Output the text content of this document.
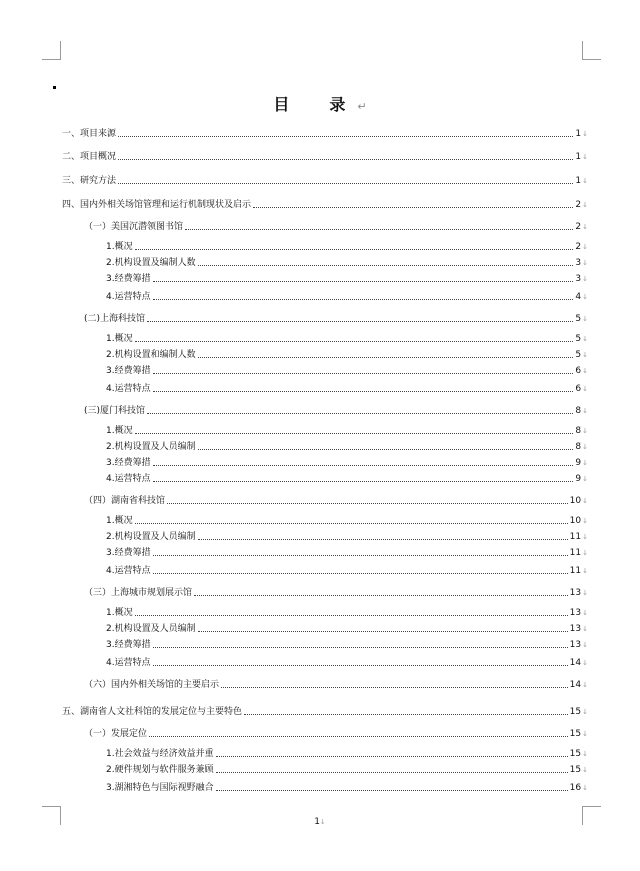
目　录↵
一、项目来源	1 ↓
二、项目概况	1 ↓
三、研究方法	1 ↓
四、国内外相关场馆管理和运行机制现状及启示	2 ↓
（一）美国沉潜领图书馆	2 ↓
1.概况	2 ↓
2.机构设置及编制人数	3 ↓
3.经费筹措	3 ↓
4.运营特点	4 ↓
(二)上海科技馆	5 ↓
1.概况	5 ↓
2.机构设置和编制人数	5 ↓
3.经费筹措	6 ↓
4.运营特点	6 ↓
(三)厦门科技馆	8 ↓
1.概况	8 ↓
2.机构设置及人员编制	8 ↓
3.经费筹措	9 ↓
4.运营特点	9 ↓
（四）湖南省科技馆	10 ↓
1.概况	10 ↓
2.机构设置及人员编制	11 ↓
3.经费筹措	11 ↓
4.运营特点	11 ↓
（三）上海城市规划展示馆	13 ↓
1.概况	13 ↓
2.机构设置及人员编制	13 ↓
3.经费筹措	13 ↓
4.运营特点	14 ↓
（六）国内外相关场馆的主要启示	14 ↓
五、湖南省人文社科馆的发展定位与主要特色	15 ↓
（一）发展定位	15 ↓
1.社会效益与经济效益并重	15 ↓
2.硬件规划与软件服务兼顾	15 ↓
3.湖湘特色与国际视野融合	16 ↓
1↓
